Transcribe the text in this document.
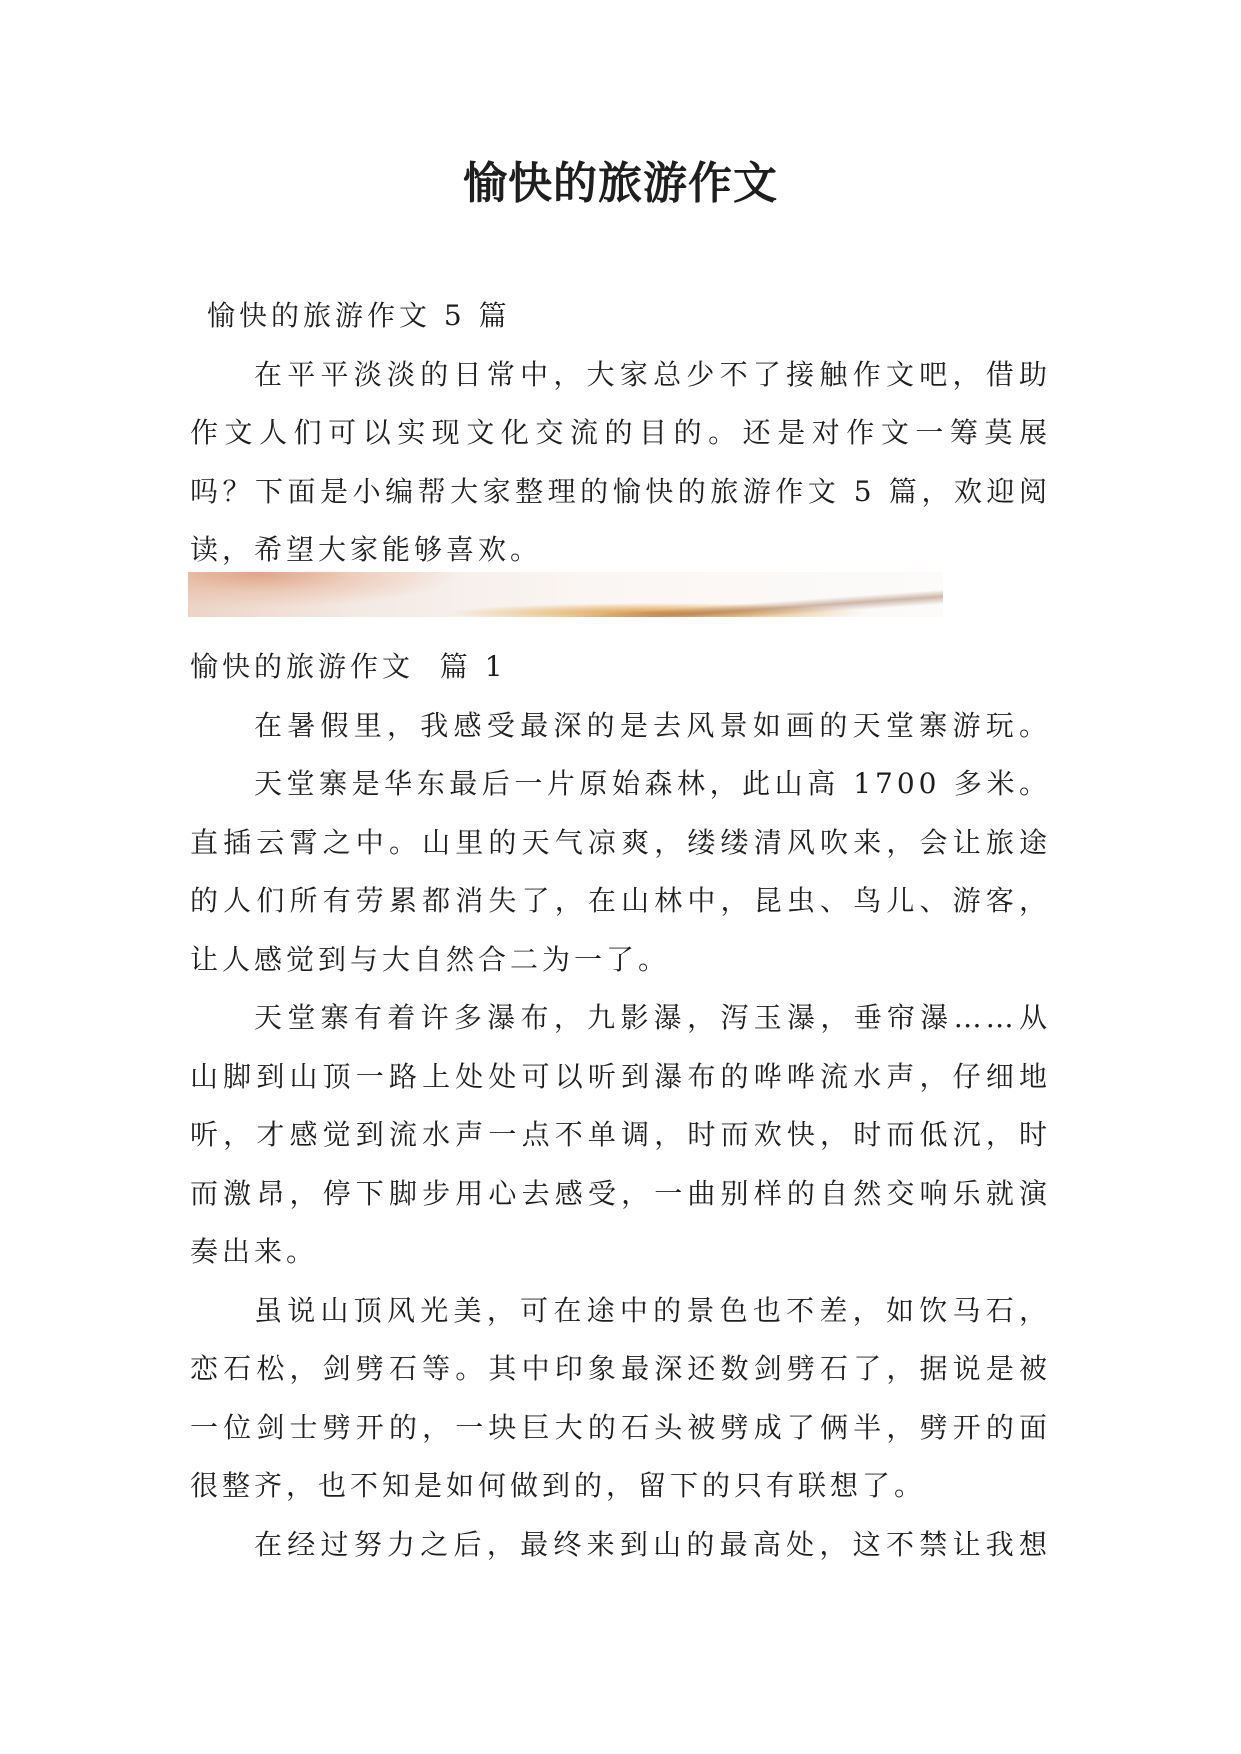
愉快的旅游作文
愉快的旅游作文 5 篇
在平平淡淡的日常中，大家总少不了接触作文吧，借助
作文人们可以实现文化交流的目的。还是对作文一筹莫展
吗？下面是小编帮大家整理的愉快的旅游作文 5 篇，欢迎阅
读，希望大家能够喜欢。
愉快的旅游作文  篇 1
在暑假里，我感受最深的是去风景如画的天堂寨游玩。
天堂寨是华东最后一片原始森林，此山高 1700 多米。
直插云霄之中。山里的天气凉爽，缕缕清风吹来，会让旅途
的人们所有劳累都消失了，在山林中，昆虫、鸟儿、游客，
让人感觉到与大自然合二为一了。
天堂寨有着许多瀑布，九影瀑，泻玉瀑，垂帘瀑……从
山脚到山顶一路上处处可以听到瀑布的哗哗流水声，仔细地
听，才感觉到流水声一点不单调，时而欢快，时而低沉，时
而激昂，停下脚步用心去感受，一曲别样的自然交响乐就演
奏出来。
虽说山顶风光美，可在途中的景色也不差，如饮马石，
恋石松，剑劈石等。其中印象最深还数剑劈石了，据说是被
一位剑士劈开的，一块巨大的石头被劈成了俩半，劈开的面
很整齐，也不知是如何做到的，留下的只有联想了。
在经过努力之后，最终来到山的最高处，这不禁让我想
